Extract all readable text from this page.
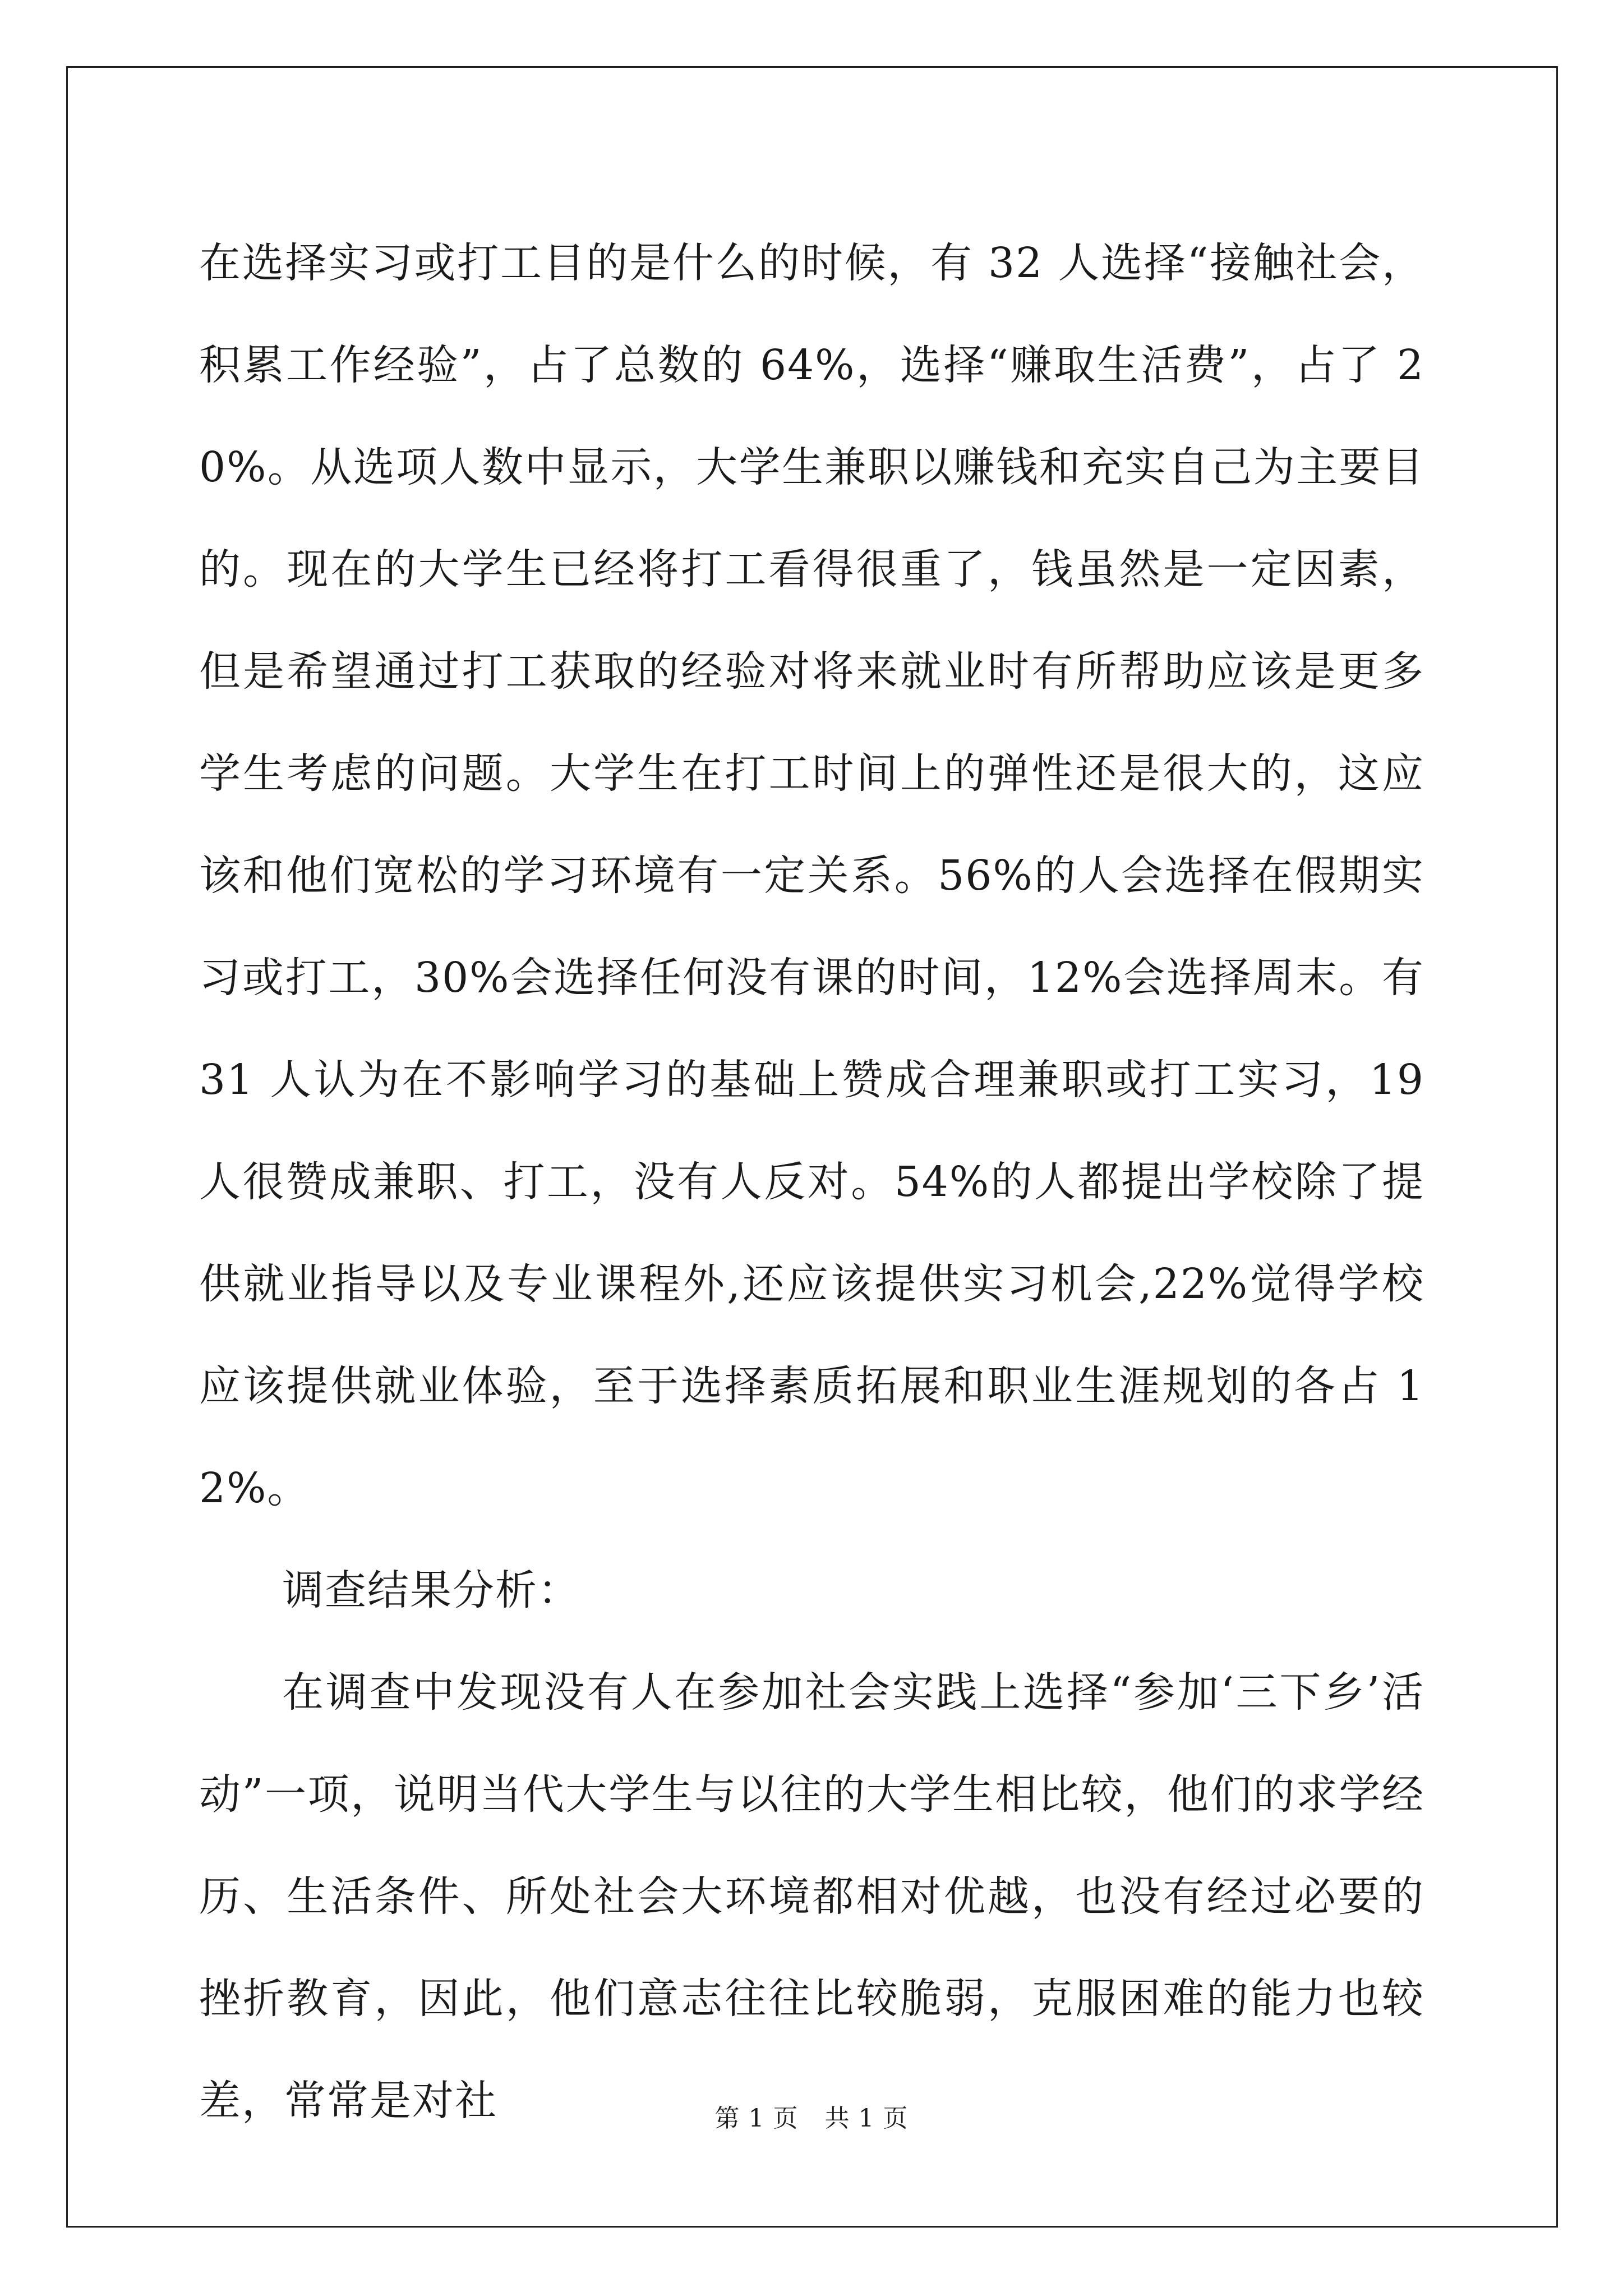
在选择实习或打工目的是什么的时候，有 32 人选择“接触社会，积累工作经验”，占了总数的 64%，选择“赚取生活费”，占了 20%。从选项人数中显示，大学生兼职以赚钱和充实自己为主要目的。现在的大学生已经将打工看得很重了，钱虽然是一定因素，但是希望通过打工获取的经验对将来就业时有所帮助应该是更多学生考虑的问题。大学生在打工时间上的弹性还是很大的，这应该和他们宽松的学习环境有一定关系。56%的人会选择在假期实习或打工，30%会选择任何没有课的时间，12%会选择周末。有 31 人认为在不影响学习的基础上赞成合理兼职或打工实习，19 人很赞成兼职、打工，没有人反对。54%的人都提出学校除了提供就业指导以及专业课程外,还应该提供实习机会,22%觉得学校应该提供就业体验，至于选择素质拓展和职业生涯规划的各占 12%。

调查结果分析：

在调查中发现没有人在参加社会实践上选择“参加‘三下乡’活动”一项，说明当代大学生与以往的大学生相比较，他们的求学经历、生活条件、所处社会大环境都相对优越，也没有经过必要的挫折教育，因此，他们意志往往比较脆弱，克服困难的能力也较差，常常是对社	第 1 页 共 1 页
